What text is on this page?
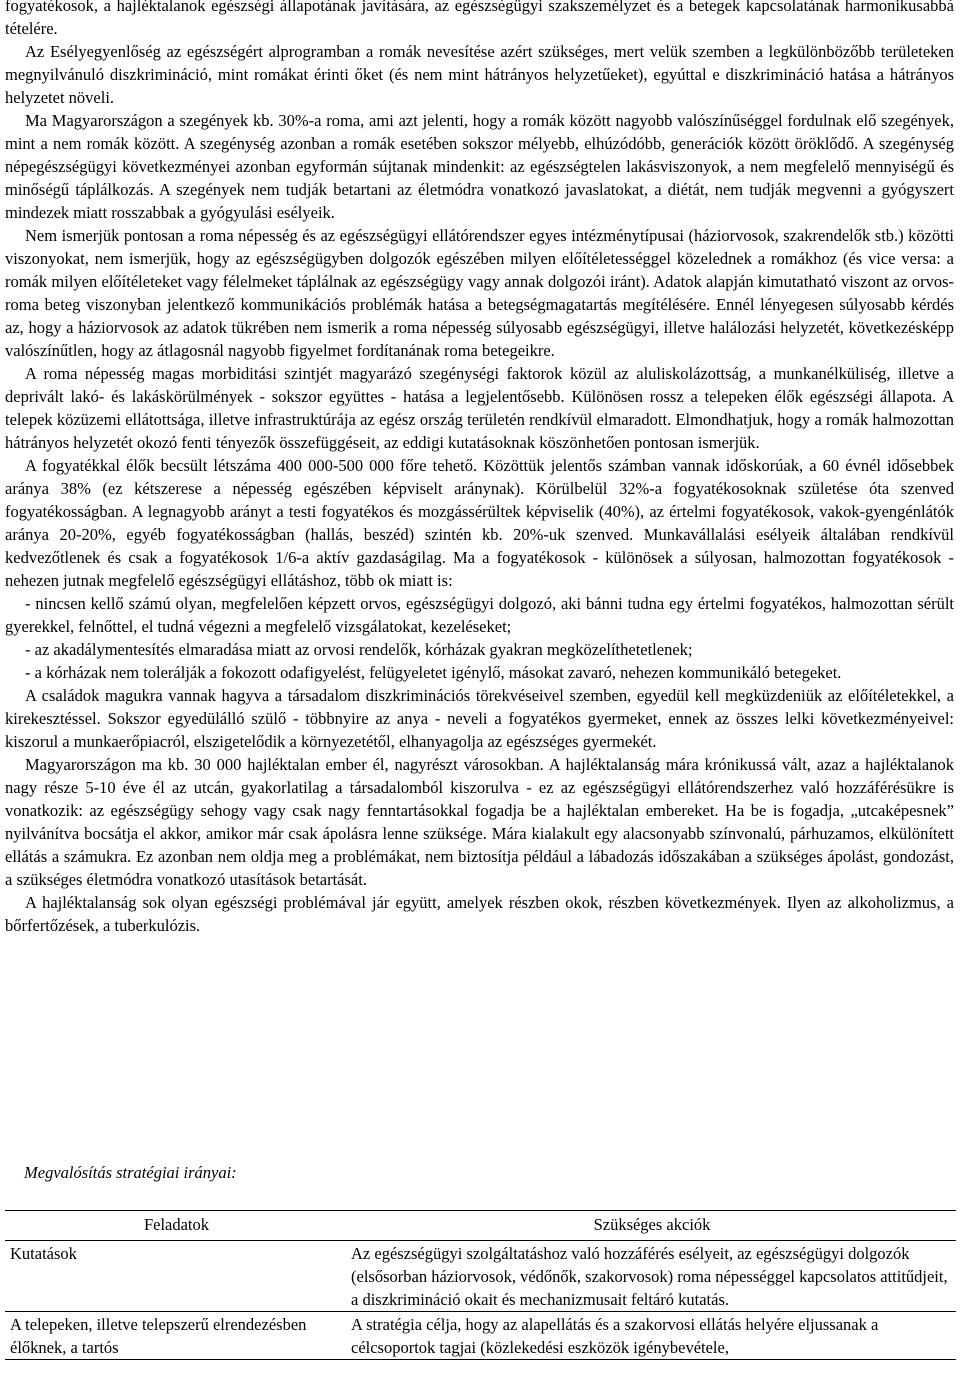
fogyatékosok, a hajléktalanok egészségi állapotának javítására, az egészségügyi szakszemélyzet és a betegek kapcsolatának harmonikusabbá tételére.

Az Esélyegyenlőség az egészségért alprogramban a romák nevesítése azért szükséges, mert velük szemben a legkülönbözőbb területeken megnyilvánuló diszkrimináció, mint romákat érinti őket (és nem mint hátrányos helyzetűeket), egyúttal e diszkrimináció hatása a hátrányos helyzetet növeli.

Ma Magyarországon a szegények kb. 30%-a roma, ami azt jelenti, hogy a romák között nagyobb valószínűséggel fordulnak elő szegények, mint a nem romák között. A szegénység azonban a romák esetében sokszor mélyebb, elhúzódóbb, generációk között öröklődő. A szegénység népegészségügyi következményei azonban egyformán sújtanak mindenkit: az egészségtelen lakásviszonyok, a nem megfelelő mennyiségű és minőségű táplálkozás. A szegények nem tudják betartani az életmódra vonatkozó javaslatokat, a diétát, nem tudják megvenni a gyógyszert mindezek miatt rosszabbak a gyógyulási esélyeik.

Nem ismerjük pontosan a roma népesség és az egészségügyi ellátórendszer egyes intézménytípusai (háziorvosok, szakrendelők stb.) közötti viszonyokat, nem ismerjük, hogy az egészségügyben dolgozók egészében milyen előítéletességgel közelednek a romákhoz (és vice versa: a romák milyen előítéleteket vagy félelmeket táplálnak az egészségügy vagy annak dolgozói iránt). Adatok alapján kimutatható viszont az orvos-roma beteg viszonyban jelentkező kommunikációs problémák hatása a betegségmagatartás megítélésére. Ennél lényegesen súlyosabb kérdés az, hogy a háziorvosok az adatok tükrében nem ismerik a roma népesség súlyosabb egészségügyi, illetve halálozási helyzetét, következésképp valószínűtlen, hogy az átlagosnál nagyobb figyelmet fordítanának roma betegeikre.

A roma népesség magas morbiditási szintjét magyarázó szegénységi faktorok közül az aluliskolázottság, a munkanélküliség, illetve a deprivált lakó- és lakáskörülmények - sokszor együttes - hatása a legjelentősebb. Különösen rossz a telepeken élők egészségi állapota. A telepek közüzemi ellátottsága, illetve infrastruktúrája az egész ország területén rendkívül elmaradott. Elmondhatjuk, hogy a romák halmozottan hátrányos helyzetét okozó fenti tényezők összefüggéseit, az eddigi kutatásoknak köszönhetően pontosan ismerjük.

A fogyatékkal élők becsült létszáma 400 000-500 000 főre tehető. Közöttük jelentős számban vannak időskorúak, a 60 évnél idősebbek aránya 38% (ez kétszerese a népesség egészében képviselt aránynak). Körülbelül 32%-a fogyatékosoknak születése óta szenved fogyatékosságban. A legnagyobb arányt a testi fogyatékos és mozgássérültek képviselik (40%), az értelmi fogyatékosok, vakok-gyengénlátók aránya 20-20%, egyéb fogyatékosságban (hallás, beszéd) szintén kb. 20%-uk szenved. Munkavállalási esélyeik általában rendkívül kedvezőtlenek és csak a fogyatékosok 1/6-a aktív gazdaságilag. Ma a fogyatékosok - különösek a súlyosan, halmozottan fogyatékosok - nehezen jutnak megfelelő egészségügyi ellátáshoz, több ok miatt is:

- nincsen kellő számú olyan, megfelelően képzett orvos, egészségügyi dolgozó, aki bánni tudna egy értelmi fogyatékos, halmozottan sérült gyerekkel, felnőttel, el tudná végezni a megfelelő vizsgálatokat, kezeléseket;

- az akadálymentesítés elmaradása miatt az orvosi rendelők, kórházak gyakran megközelíthetetlenek;

- a kórházak nem tolerálják a fokozott odafigyelést, felügyeletet igénylő, másokat zavaró, nehezen kommunikáló betegeket.

A családok magukra vannak hagyva a társadalom diszkriminációs törekvéseivel szemben, egyedül kell megküzdeniük az előítéletekkel, a kirekesztéssel. Sokszor egyedülálló szülő - többnyire az anya - neveli a fogyatékos gyermeket, ennek az összes lelki következményeivel: kiszorul a munkaerőpiacról, elszigetelődik a környezetétől, elhanyagolja az egészséges gyermekét.

Magyarországon ma kb. 30 000 hajléktalan ember él, nagyrészt városokban. A hajléktalanság mára krónikussá vált, azaz a hajléktalanok nagy része 5-10 éve él az utcán, gyakorlatilag a társadalomból kiszorulva - ez az egészségügyi ellátórendszerhez való hozzáférésükre is vonatkozik: az egészségügy sehogy vagy csak nagy fenntartásokkal fogadja be a hajléktalan embereket. Ha be is fogadja, „utcaképesnek” nyilvánítva bocsátja el akkor, amikor már csak ápolásra lenne szüksége. Mára kialakult egy alacsonyabb színvonalú, párhuzamos, elkülönített ellátás a számukra. Ez azonban nem oldja meg a problémákat, nem biztosítja például a lábadozás időszakában a szükséges ápolást, gondozást, a szükséges életmódra vonatkozó utasítások betartását.

A hajléktalanság sok olyan egészségi problémával jár együtt, amelyek részben okok, részben következmények. Ilyen az alkoholizmus, a bőrfertőzések, a tuberkulózis.

Megvalósítás stratégiai irányai:

Feladatok	Szükséges akciók
Kutatások	Az egészségügyi szolgáltatáshoz való hozzáférés esélyeit, az egészségügyi dolgozók (elsősorban háziorvosok, védőnők, szakorvosok) roma népességgel kapcsolatos attitűdjeit, a diszkrimináció okait és mechanizmusait feltáró kutatás.
A telepeken, illetve telepszerű elrendezésben élőknek, a tartós	A stratégia célja, hogy az alapellátás és a szakorvosi ellátás helyére eljussanak a célcsoportok tagjai (közlekedési eszközök igénybevétele,
